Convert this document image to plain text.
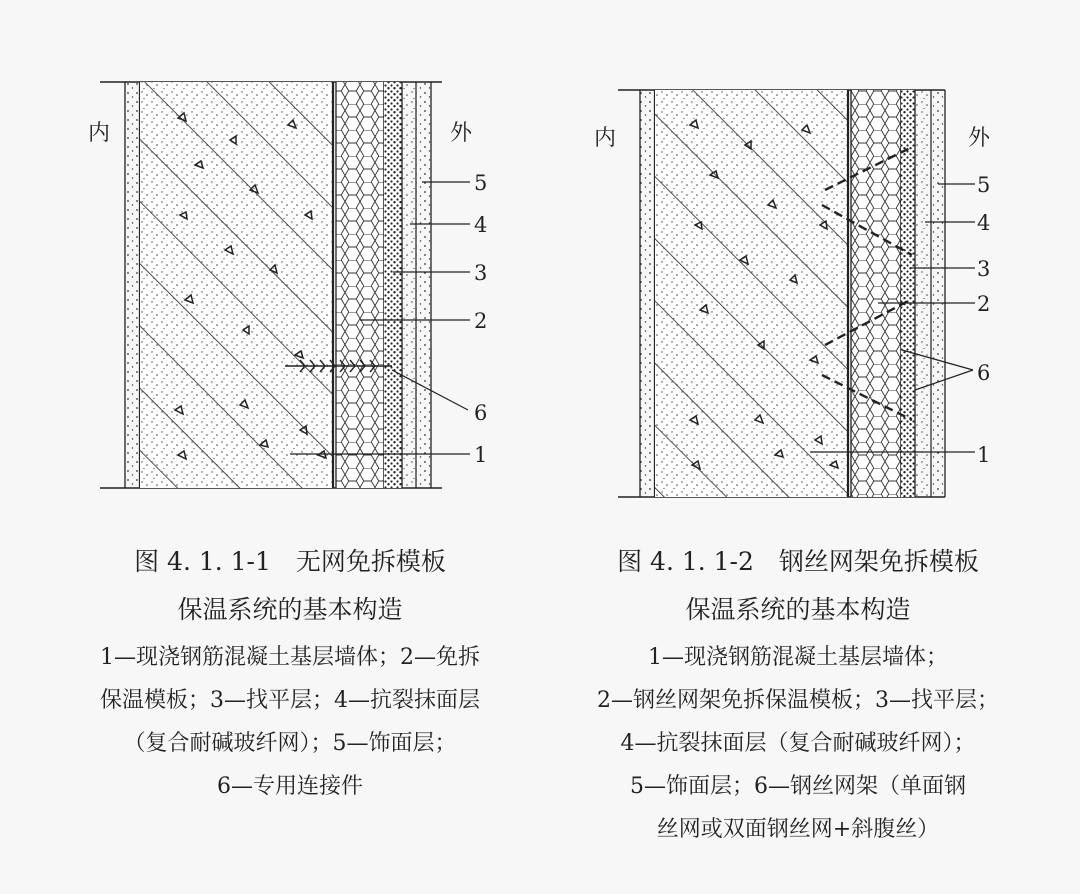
内	外
5
4
3
2
6
1
内	外
5
4
3
2
6
1
图 4. 1. 1-1　无网免拆模板
保温系统的基本构造
1—现浇钢筋混凝土基层墙体；2—免拆
保温模板；3—找平层；4—抗裂抹面层
（复合耐碱玻纤网）；5—饰面层；
6—专用连接件
图 4. 1. 1-2　钢丝网架免拆模板
保温系统的基本构造
1—现浇钢筋混凝土基层墙体；
2—钢丝网架免拆保温模板；3—找平层；
4—抗裂抹面层（复合耐碱玻纤网）；
5—饰面层；6—钢丝网架（单面钢
丝网或双面钢丝网+斜腹丝）
